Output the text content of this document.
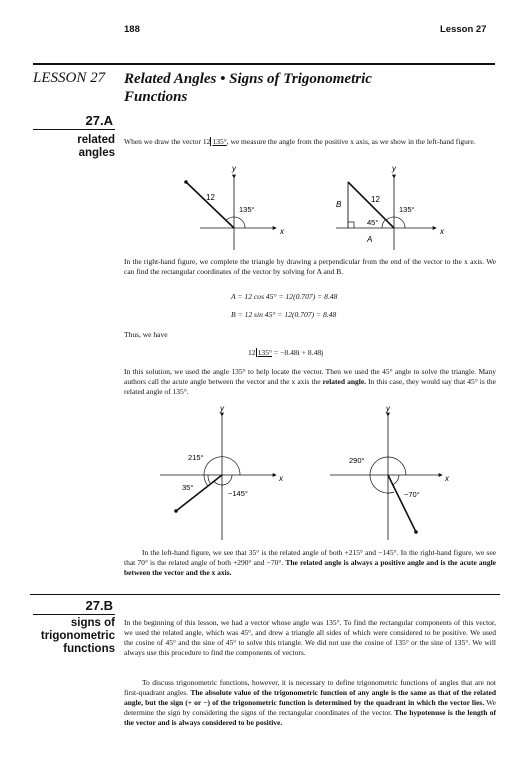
188	Lesson 27
LESSON 27 Related Angles • Signs of Trigonometric
Functions
27.A
related
angles
When we draw the vector 12 135°, we measure the angle from the positive x axis, as we show in the left-hand figure.
y
x
12
135°
y
x
12
135°
45°
B
A
In the right-hand figure, we complete the triangle by drawing a perpendicular from the end of the vector to the x axis. We can find the rectangular coordinates of the vector by solving for A and B.
A = 12 cos 45° = 12(0.707) = 8.48
B = 12 sin 45° = 12(0.707) = 8.48
Thus, we have
12 135° = −8.48i + 8.48j
In this solution, we used the angle 135° to help locate the vector. Then we used the 45° angle to solve the triangle. Many authors call the acute angle between the vector and the x axis the related angle. In this case, they would say that 45° is the related angle of 135°.
y
x
215°
35°
−145°
y
x
290°
−70°
In the left-hand figure, we see that 35° is the related angle of both +215° and −145°. In the right-hand figure, we see that 70° is the related angle of both +290° and −70°. The related angle is always a positive angle and is the acute angle between the vector and the x axis.
27.B
signs of
trigonometric
functions
In the beginning of this lesson, we had a vector whose angle was 135°. To find the rectangular components of this vector, we used the related angle, which was 45°, and drew a triangle all sides of which were considered to be positive. We used the cosine of 45° and the sine of 45° to solve this triangle. We did not use the cosine of 135° or the sine of 135°. We will always use this procedure to find the components of vectors.
To discuss trigonometric functions, however, it is necessary to define trigonometric functions of angles that are not first-quadrant angles. The absolute value of the trigonometric function of any angle is the same as that of the related angle, but the sign (+ or −) of the trigonometric function is determined by the quadrant in which the vector lies. We determine the sign by considering the signs of the rectangular coordinates of the vector. The hypotenuse is the length of the vector and is always considered to be positive.
